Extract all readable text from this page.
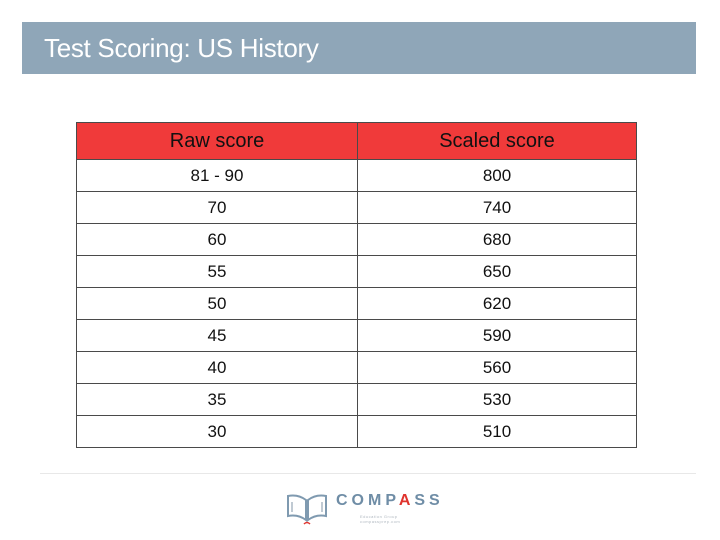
Test Scoring: US History
Raw score	Scaled score
81 - 90	800
70	740
60	680
55	650
50	620
45	590
40	560
35	530
30	510
COMPASS
Education Group
compassprep.com
